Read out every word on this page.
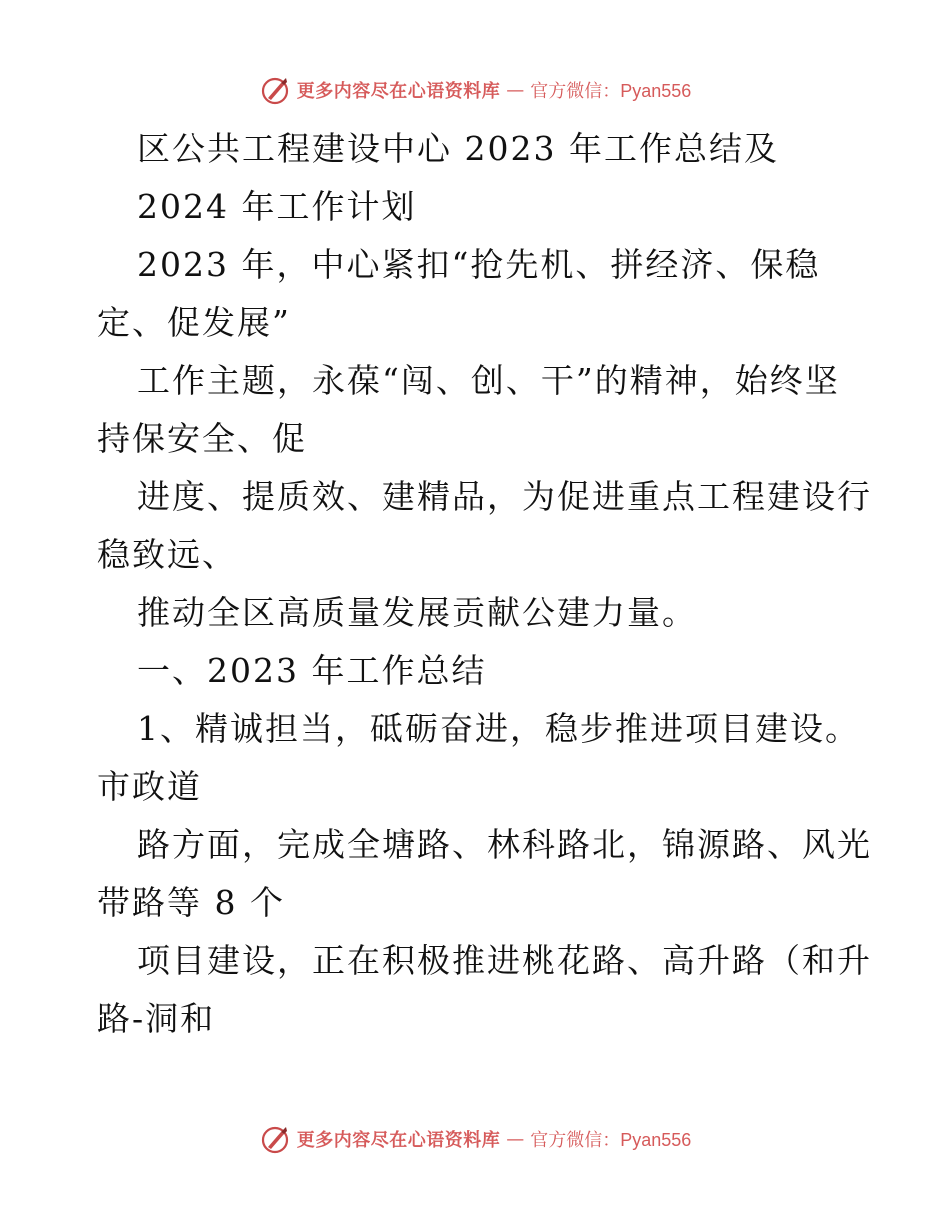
更多内容尽在心语资料库 — 官方微信：Pyan556
区公共工程建设中心 2023 年工作总结及
2024 年工作计划
2023 年，中心紧扣“抢先机、拼经济、保稳
定、促发展”
工作主题，永葆“闯、创、干”的精神，始终坚
持保安全、促
进度、提质效、建精品，为促进重点工程建设行
稳致远、
推动全区高质量发展贡献公建力量。
一、2023 年工作总结
1、精诚担当，砥砺奋进，稳步推进项目建设。
市政道
路方面，完成全塘路、林科路北，锦源路、风光
带路等 8 个
项目建设，正在积极推进桃花路、高升路（和升
路-洞和
更多内容尽在心语资料库 — 官方微信：Pyan556
